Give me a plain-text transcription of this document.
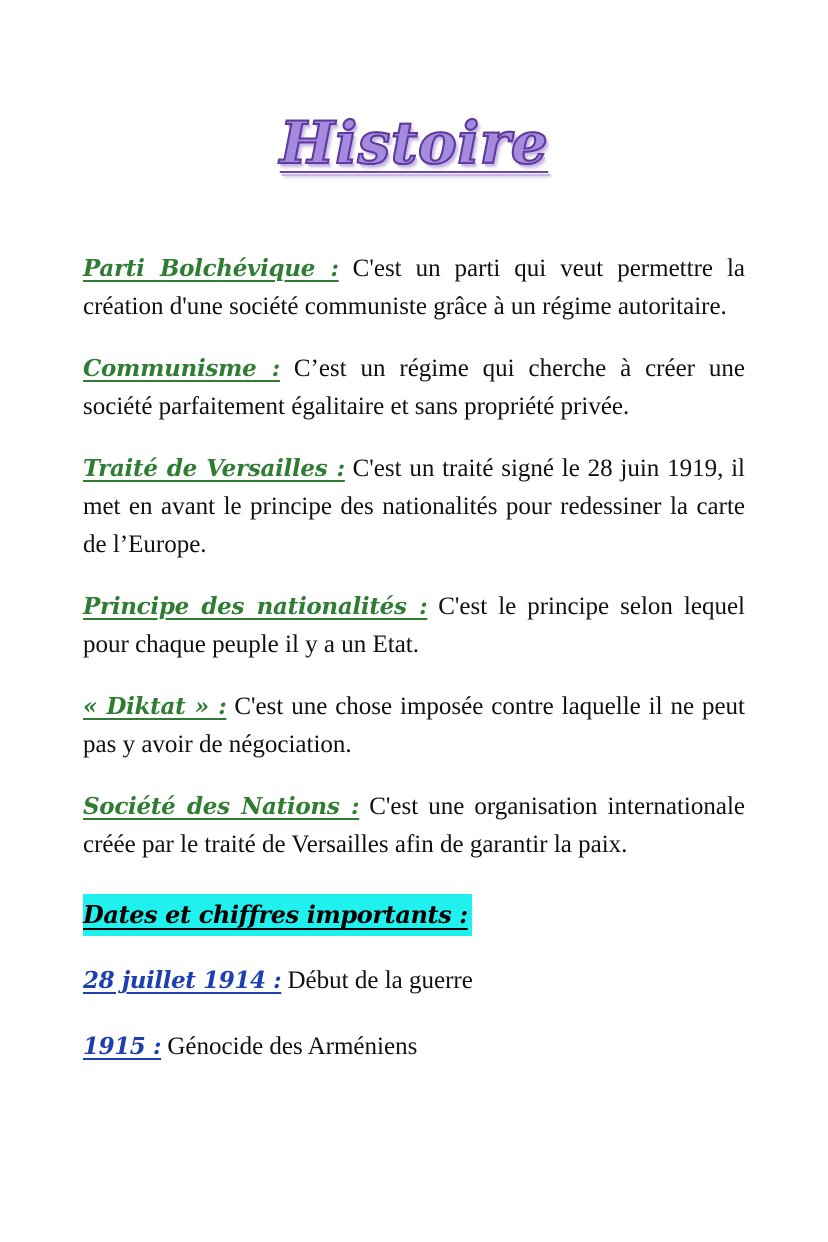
Histoire

Parti Bolchévique : C'est un parti qui veut permettre la création d'une société communiste grâce à un régime autoritaire.

Communisme : C’est un régime qui cherche à créer une société parfaitement égalitaire et sans propriété privée.

Traité de Versailles : C'est un traité signé le 28 juin 1919, il met en avant le principe des nationalités pour redessiner la carte de l’Europe.

Principe des nationalités : C'est le principe selon lequel pour chaque peuple il y a un Etat.

« Diktat » : C'est une chose imposée contre laquelle il ne peut pas y avoir de négociation.

Société des Nations : C'est une organisation internationale créée par le traité de Versailles afin de garantir la paix.

Dates et chiffres importants :

28 juillet 1914 : Début de la guerre

1915 : Génocide des Arméniens
